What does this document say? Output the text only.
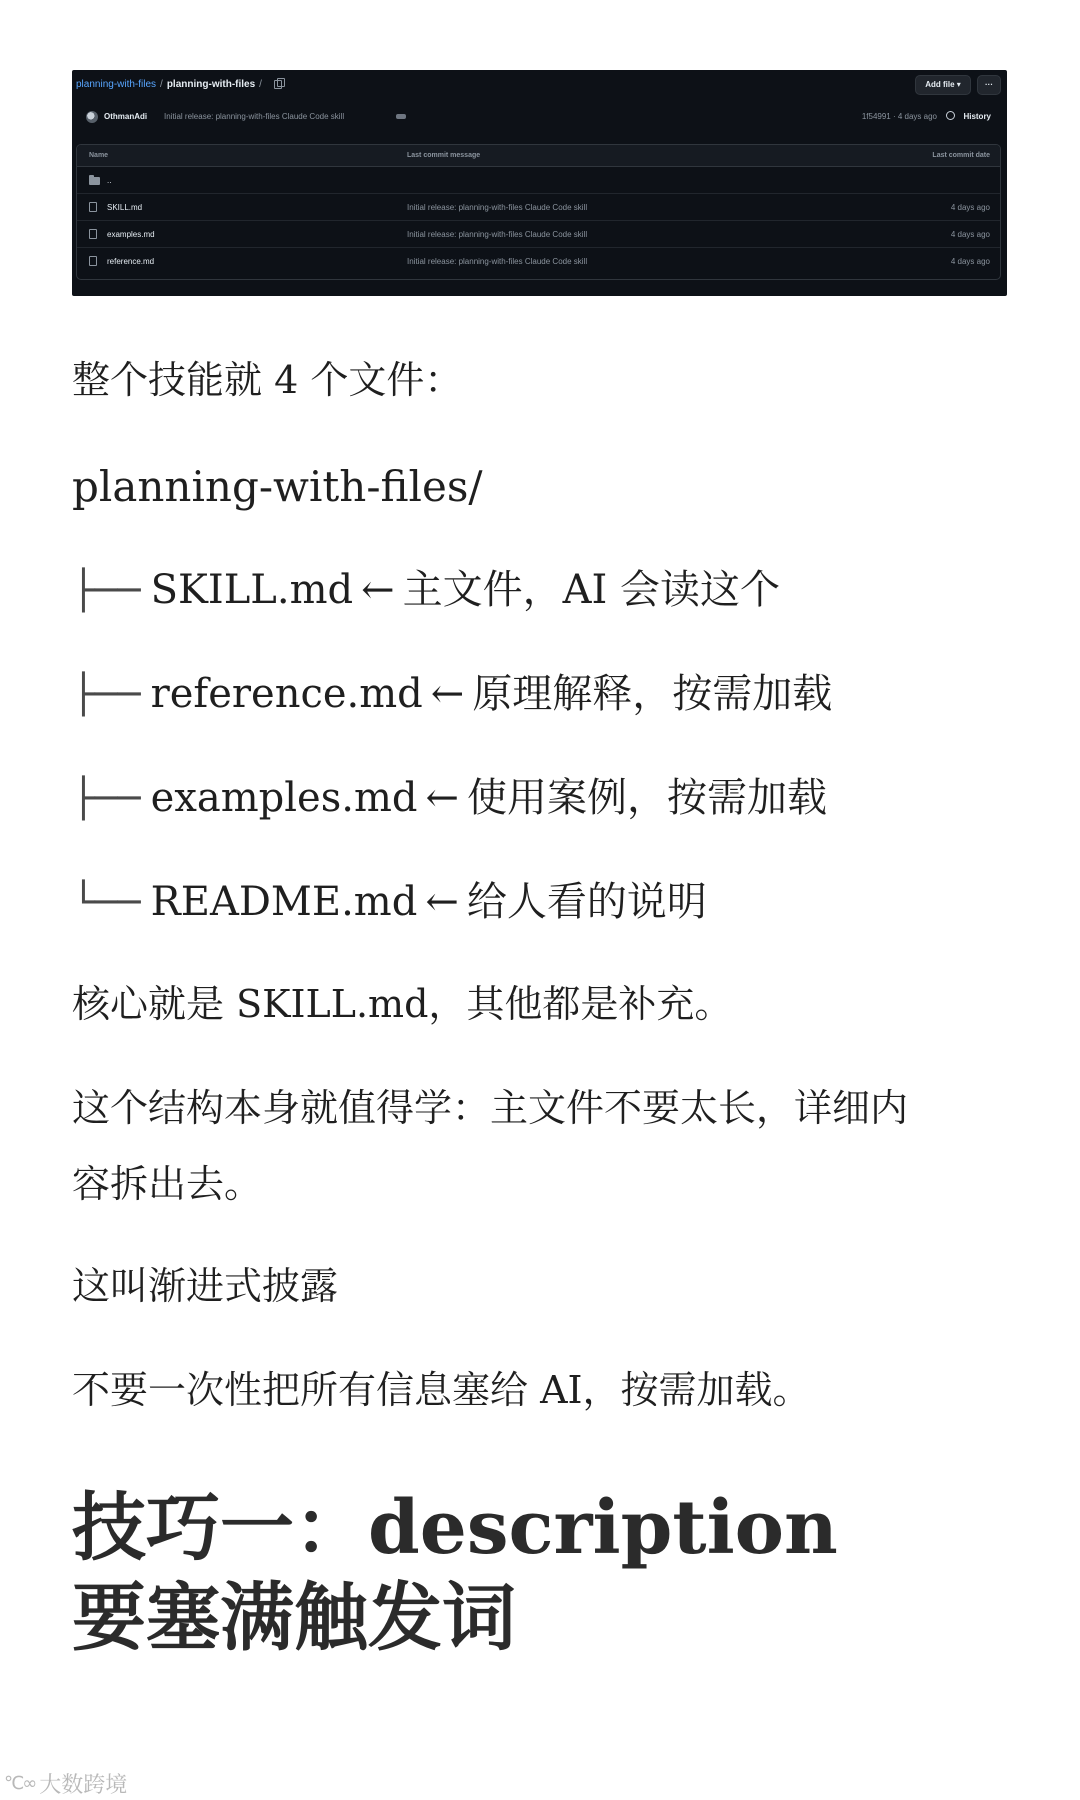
planning-with-files / planning-with-files /	Add file ▾	···
OthmanAdi Initial release: planning-with-files Claude Code skill	1f54991 · 4 days ago	History
Name	Last commit message	Last commit date
..
SKILL.md	Initial release: planning-with-files Claude Code skill	4 days ago
examples.md	Initial release: planning-with-files Claude Code skill	4 days ago
reference.md	Initial release: planning-with-files Claude Code skill	4 days ago
整个技能就 4 个文件：
planning-with-files/
├── SKILL.md ← 主文件，AI 会读这个
├── reference.md ← 原理解释，按需加载
├── examples.md ← 使用案例，按需加载
└── README.md ← 给人看的说明
核心就是 SKILL.md，其他都是补充。
这个结构本身就值得学：主文件不要太长，详细内
容拆出去。
这叫渐进式披露
不要一次性把所有信息塞给 AI，按需加载。
技巧一：description
要塞满触发词
℃∞ 大数跨境
